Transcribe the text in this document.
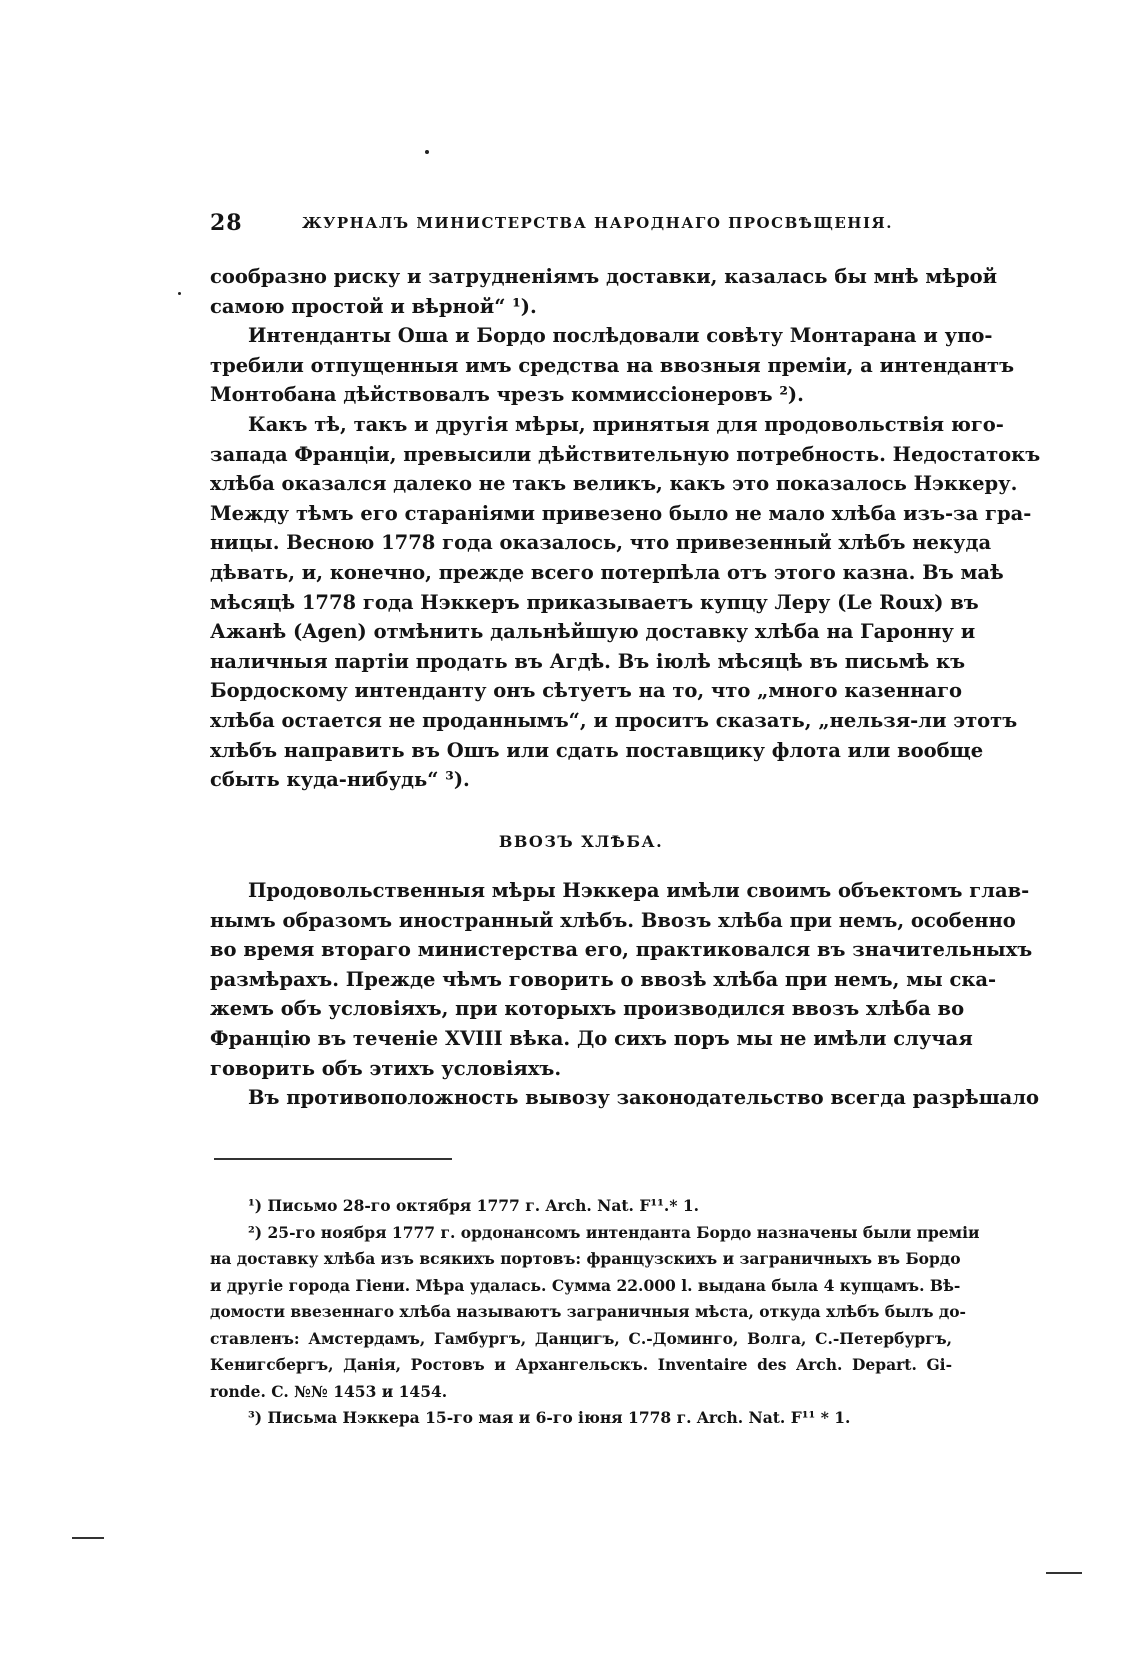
28	ЖУРНАЛЪ МИНИСТЕРСТВА НАРОДНАГО ПРОСВѢЩЕНІЯ.
сообразно риску и затрудненіямъ доставки, казалась бы мнѣ мѣрой
самою простой и вѣрной“ ¹).
Интенданты Оша и Бордо послѣдовали совѣту Монтарана и упо-
требили отпущенныя имъ средства на ввозныя преміи, а интендантъ
Монтобана дѣйствовалъ чрезъ коммиссіонеровъ ²).
Какъ тѣ, такъ и другія мѣры, принятыя для продовольствія юго-
запада Франціи, превысили дѣйствительную потребность. Недостатокъ
хлѣба оказался далеко не такъ великъ, какъ это показалось Нэккеру.
Между тѣмъ его стараніями привезено было не мало хлѣба изъ-за гра-
ницы. Весною 1778 года оказалось, что привезенный хлѣбъ некуда
дѣвать, и, конечно, прежде всего потерпѣла отъ этого казна. Въ маѣ
мѣсяцѣ 1778 года Нэккеръ приказываетъ купцу Леру (Le Roux) въ
Ажанѣ (Agen) отмѣнить дальнѣйшую доставку хлѣба на Гаронну и
наличныя партіи продать въ Агдѣ. Въ іюлѣ мѣсяцѣ въ письмѣ къ
Бордоскому интенданту онъ сѣтуетъ на то, что „много казеннаго
хлѣба остается не проданнымъ“, и проситъ сказать, „нельзя-ли этотъ
хлѣбъ направить въ Ошъ или сдать поставщику флота или вообще
сбыть куда-нибудь“ ³).
ВВОЗЪ ХЛѢБА.
Продовольственныя мѣры Нэккера имѣли своимъ объектомъ глав-
нымъ образомъ иностранный хлѣбъ. Ввозъ хлѣба при немъ, особенно
во время втораго министерства его, практиковался въ значительныхъ
размѣрахъ. Прежде чѣмъ говорить о ввозѣ хлѣба при немъ, мы ска-
жемъ объ условіяхъ, при которыхъ производился ввозъ хлѣба во
Францію въ теченіе XVIII вѣка. До сихъ поръ мы не имѣли случая
говорить объ этихъ условіяхъ.
Въ противоположность вывозу законодательство всегда разрѣшало
¹) Письмо 28-го октября 1777 г. Arch. Nat. F¹¹.* 1.
²) 25-го ноября 1777 г. ордонансомъ интенданта Бордо назначены были преміи
на доставку хлѣба изъ всякихъ портовъ: французскихъ и заграничныхъ въ Бордо
и другіе города Гіени. Мѣра удалась. Сумма 22.000 l. выдана была 4 купцамъ. Вѣ-
домости ввезеннаго хлѣба называютъ заграничныя мѣста, откуда хлѣбъ былъ до-
ставленъ: Амстердамъ, Гамбургъ, Данцигъ, С.-Доминго, Волга, С.-Петербургъ,
Кенигсбергъ, Данія, Ростовъ и Архангельскъ. Inventaire des Arch. Depart. Gi-
ronde. C. №№ 1453 и 1454.
³) Письма Нэккера 15-го мая и 6-го іюня 1778 г. Arch. Nat. F¹¹ * 1.
